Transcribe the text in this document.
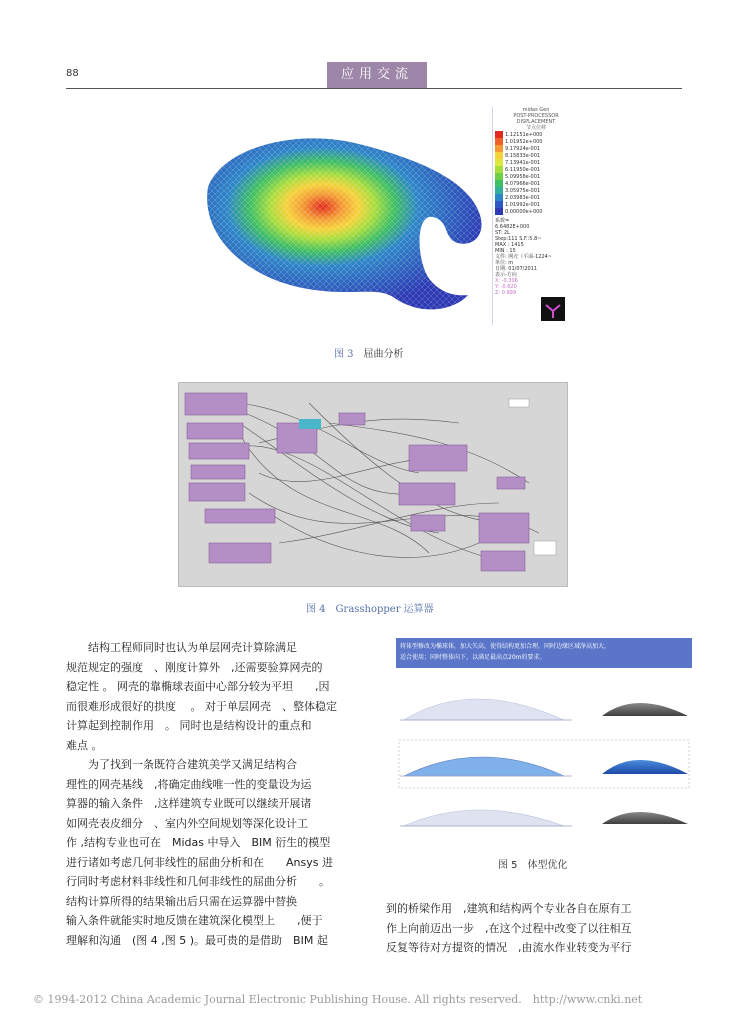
88	应用交流
midas Gen
POST-PROCESSOR
DISPLACEMENT
节点位移
1.12151e+000
1.01952e+000
9.17924e-001
8.15833e-001
7.13941e-001
6.11950e-001
5.09958e-001
4.07966e-001
3.05975e-001
2.03983e-001
1.01992e-001
0.00000e+000
系数=
6.6482E+000
ST: 2L
Step:111 S.F.:5.8~
MAX : 1415
MIN : 15
文件: 网壳（平面-1224~
单位: m
日期: 01/07/2011
表示-方向
X: -0.306
Y: -0.620
Z: 0.999
图 3　 屈曲分析
图 4　 Grasshopper 运算器
将体型修改为椭球体，加大矢高，使得结构更加合理，同时边缘区域净高加大，
适合使用；同时整体向下，以满足最高点20m的要求。
图 5　体型优化
　　结构工程师同时也认为单层网壳计算除满足
规范规定的强度　、刚度计算外　,还需要验算网壳的
稳定性 。 网壳的靠椭球表面中心部分较为平坦　　,因
而很难形成很好的拱度　 。 对于单层网壳　、整体稳定
计算起到控制作用　。 同时也是结构设计的重点和
难点 。
　　为了找到一条既符合建筑美学又满足结构合
理性的网壳基线　,将确定曲线唯一性的变量设为运
算器的输入条件　,这样建筑专业既可以继续开展诸
如网壳表皮细分　、室内外空间规划等深化设计工
作 ,结构专业也可在　Midas 中导入　BIM 衍生的模型
进行诸如考虑几何非线性的屈曲分析和在　　Ansys 进
行同时考虑材料非线性和几何非线性的屈曲分析　　。
结构计算所得的结果输出后只需在运算器中替换
输入条件就能实时地反馈在建筑深化模型上　　,便于
理解和沟通　(图 4 ,图 5 )。最可贵的是借助　BIM 起
到的桥梁作用　,建筑和结构两个专业各自在原有工
作上向前迈出一步　,在这个过程中改变了以往相互
反复等待对方提资的情况　,由流水作业转变为平行
© 1994-2012 China Academic Journal Electronic Publishing House. All rights reserved.　http://www.cnki.net
